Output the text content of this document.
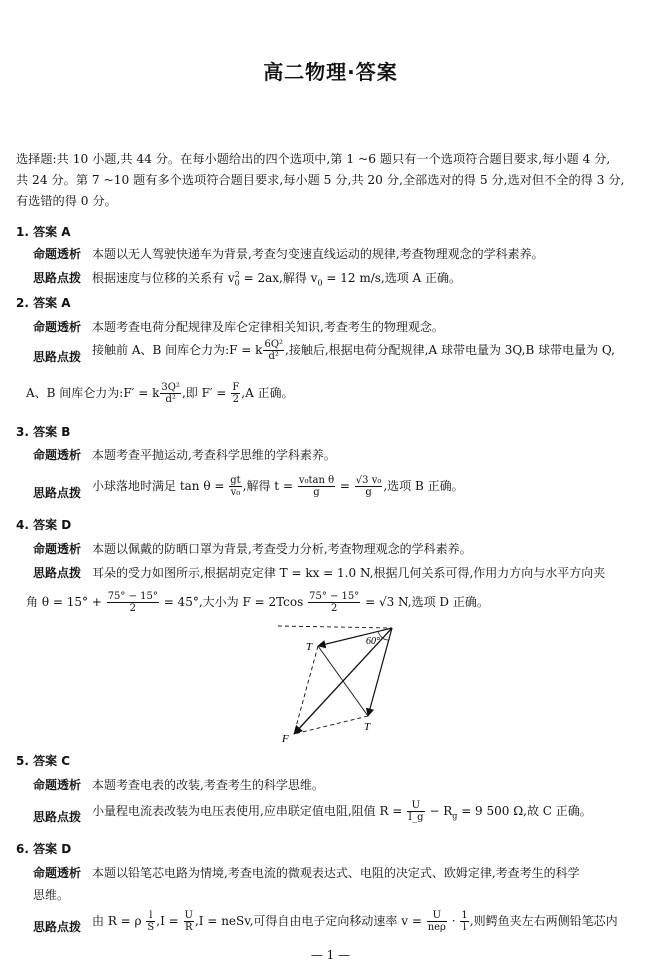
高二物理·答案
选择题:共 10 小题,共 44 分。在每小题给出的四个选项中,第 1 ~6 题只有一个选项符合题目要求,每小题 4 分,
共 24 分。第 7 ~10 题有多个选项符合题目要求,每小题 5 分,共 20 分,全部选对的得 5 分,选对但不全的得 3 分,
有选错的得 0 分。
1. 答案 A
命题透析 本题以无人驾驶快递车为背景,考查匀变速直线运动的规律,考查物理观念的学科素养。
思路点拨 根据速度与位移的关系有 $v_0^2 = 2ax$,解得 $v_0 = 12$ m/s,选项 A 正确。
2. 答案 A
命题透析 本题考查电荷分配规律及库仑定律相关知识,考查考生的物理观念。
思路点拨 接触前 A、B 间库仑力为:F = k $\frac{\text{6Q²}}{\text{d²}}$ ,接触后,根据电荷分配规律,A 球带电量为 3Q,B 球带电量为 Q,
A、B 间库仑力为:F′ = k $\frac{\text{3Q²}}{\text{d²}}$ ,即 $F' = \frac{F}{2} ,A$ 正确。
3. 答案 B
命题透析 本题考查平抛运动,考查科学思维的学科素养。
思路点拨 小球落地时满足 $\tan \theta = \frac{gt}{\text{v₀}}$ ,解得 $t = \frac{\text{v₀tan θ}}{g} = \frac{\text{√3 v₀}}{g}$ ,选项 B 正确。
4. 答案 D
命题透析 本题以佩戴的防晒口罩为背景,考查受力分析,考查物理观念的学科素养。
思路点拨 耳朵的受力如图所示,根据胡克定律 T = kx = 1.0 N,根据几何关系可得,作用力方向与水平方向夹
角 $\theta = 15^\circ + \frac{75^\circ - 15^\circ}{2} = 45^\circ$,大小为 $F = 2Tcos \frac{75^\circ - 15^\circ}{2} = √3$ N,选项 D 正确。
60°
T
T
F
5. 答案 C
命题透析 本题考查电表的改装,考查考生的科学思维。
思路点拨 小量程电流表改装为电压表使用,应串联定值电阻,阻值 $R = \frac{U}{I\_g} - R_g = 9$ 500 Ω,故 C 正确。
6. 答案 D
命题透析 本题以铅笔芯电路为情境,考查电流的微观表达式、电阻的决定式、欧姆定律,考查考生的科学
思维。
思路点拨 由 R = ρ $\frac{l}{S} ,I = \frac{U}{R} ,I$ = neSv,可得自由电子定向移动速率 $v = \frac{U}{\text{neρ}} \cdot \frac{1}{l}$ ,则鳄鱼夹左右两侧铅笔芯内
— 1 —
